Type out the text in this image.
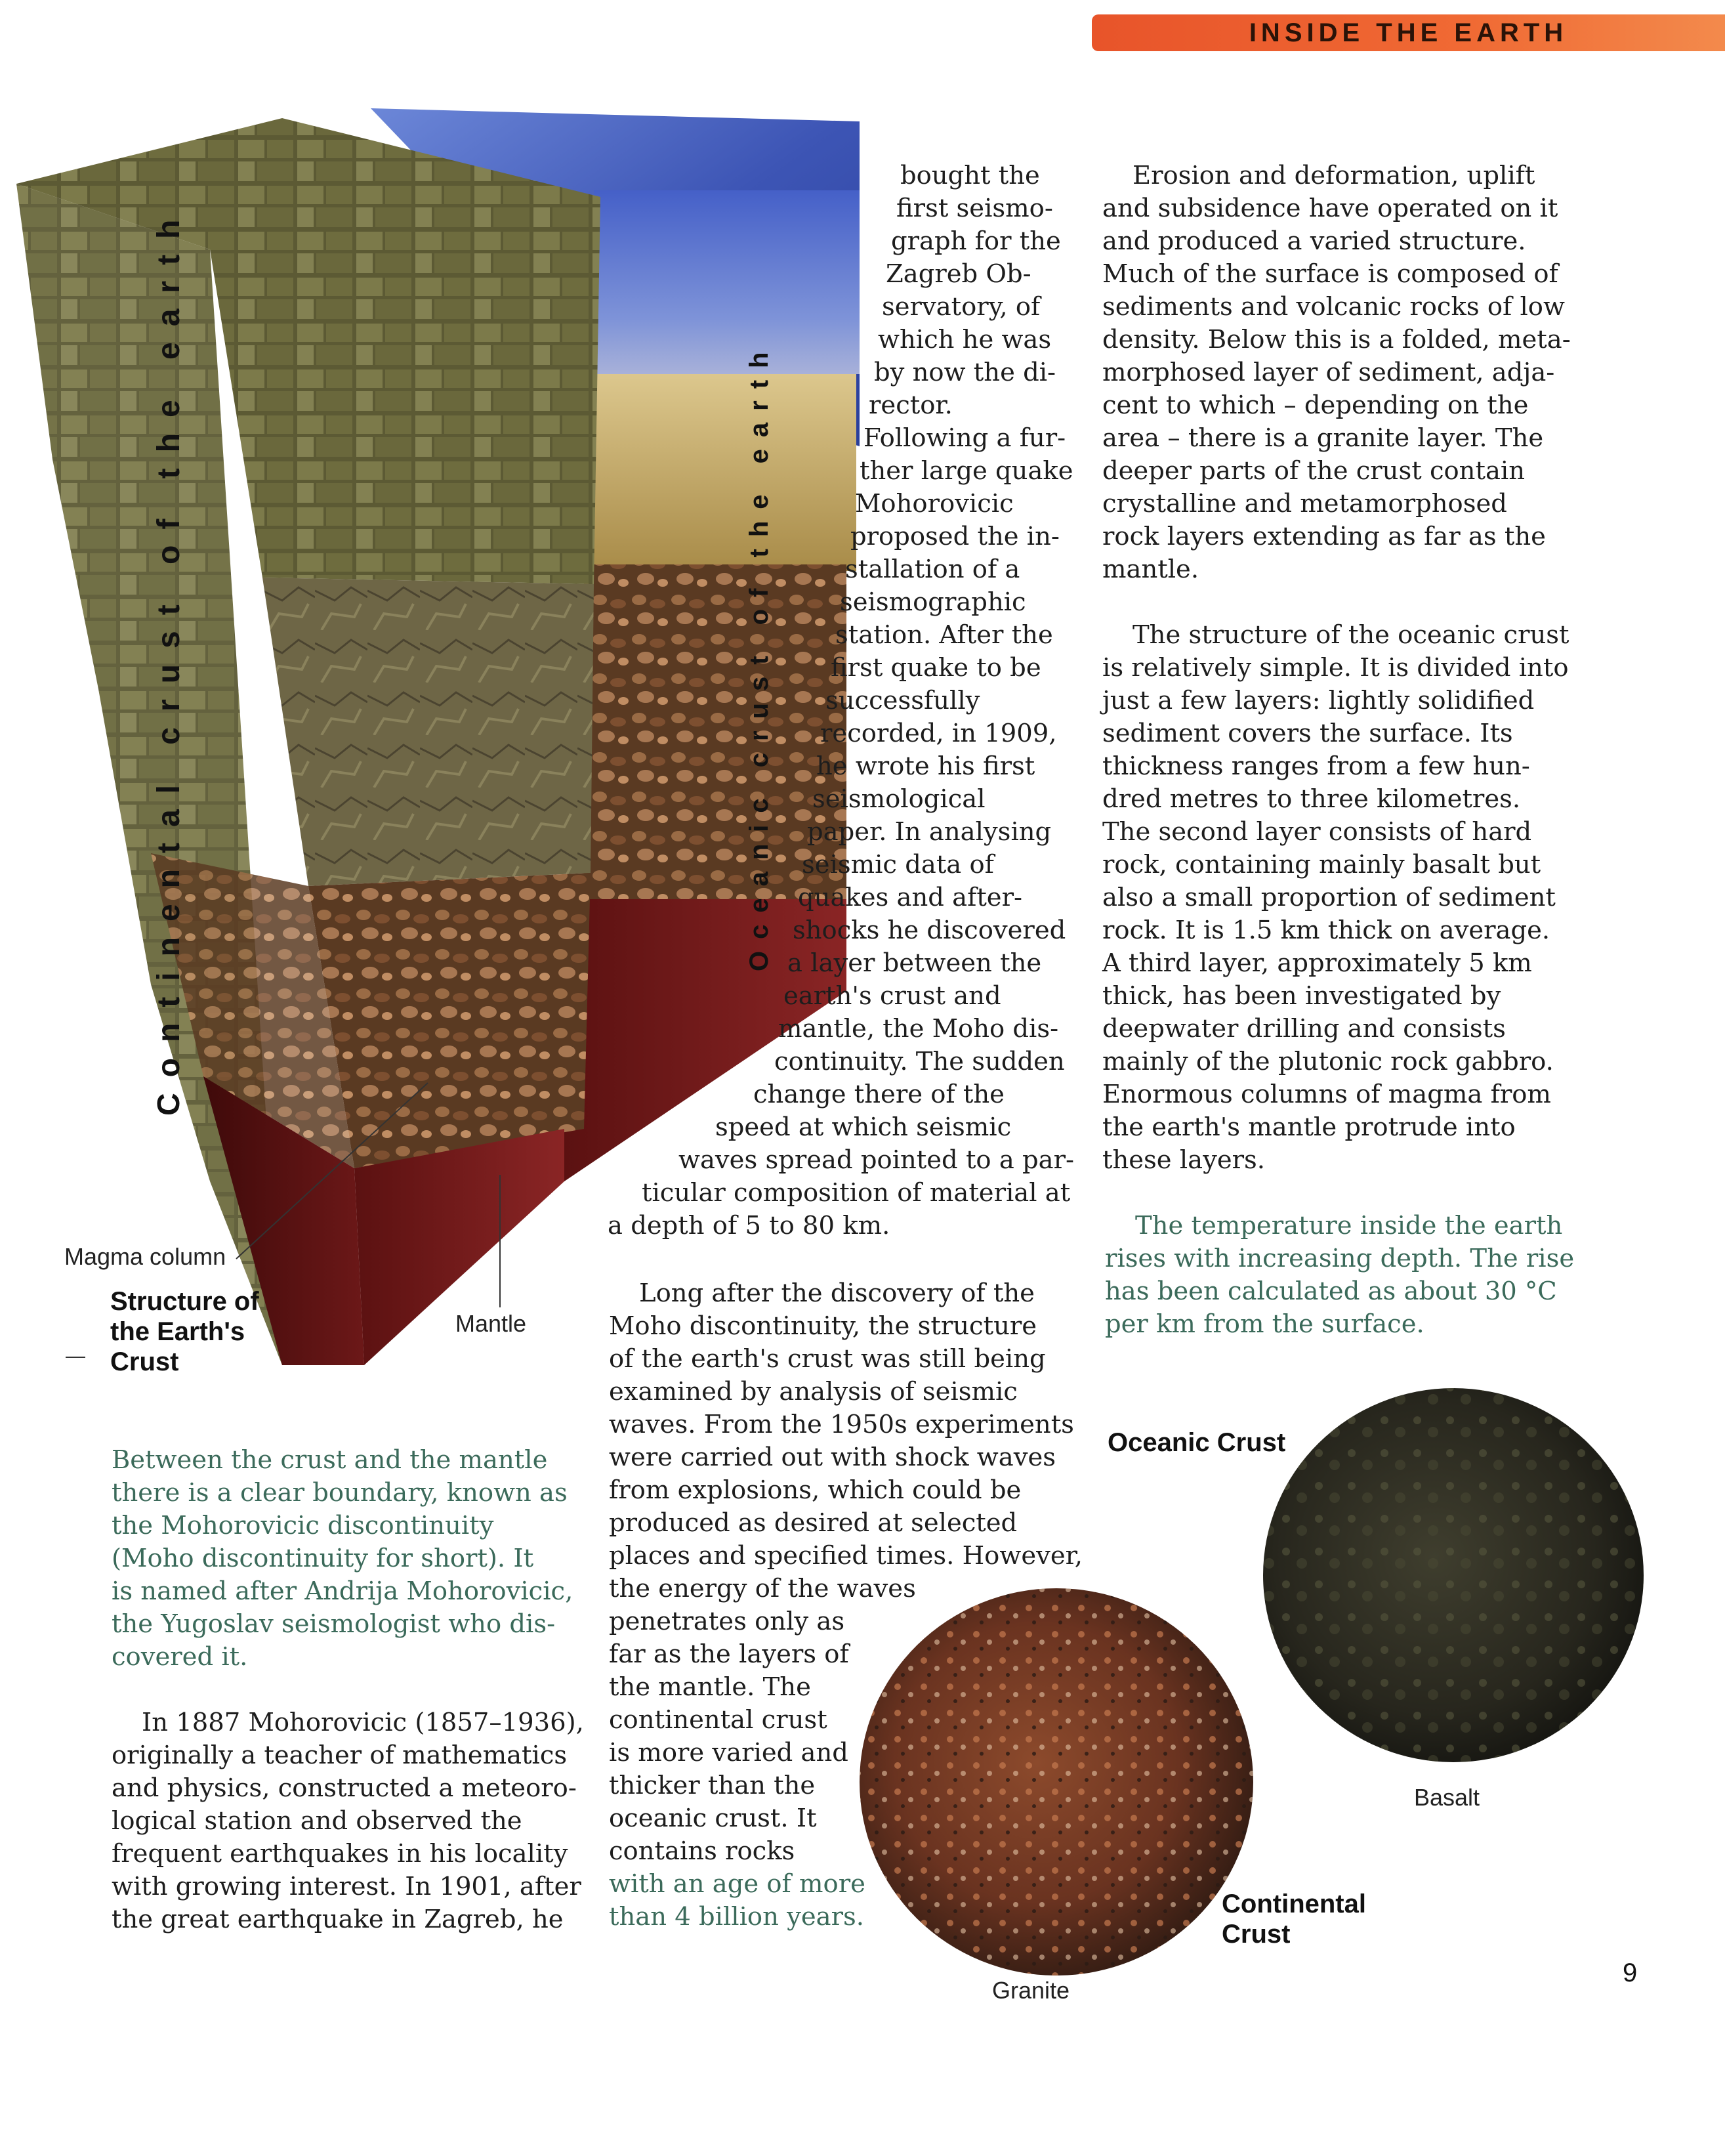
INSIDE THE EARTH
Continental crust of the earth	Oceanic crust of the earth
Magma column
Mantle
Structure of
the Earth's
Crust
Between the crust and the mantle
there is a clear boundary, known as
the Mohorovicic discontinuity
(Moho discontinuity for short). It
is named after Andrija Mohorovicic,
the Yugoslav seismologist who dis-
covered it.
In 1887 Mohorovicic (1857–1936),
originally a teacher of mathematics
and physics, constructed a meteoro-
logical station and observed the
frequent earthquakes in his locality
with growing interest. In 1901, after
the great earthquake in Zagreb, he
bought the
first seismo-
graph for the
Zagreb Ob-
servatory, of
which he was
by now the di-
rector.
Following a fur-
ther large quake
Mohorovicic
proposed the in-
stallation of a
seismographic
station. After the
first quake to be
successfully
recorded, in 1909,
he wrote his first
seismological
paper. In analysing
seismic data of
quakes and after-
shocks he discovered
a layer between the
earth's crust and
mantle, the Moho dis-
continuity. The sudden
change there of the
speed at which seismic
waves spread pointed to a par-
ticular composition of material at
a depth of 5 to 80 km.
Long after the discovery of the
Moho discontinuity, the structure
of the earth's crust was still being
examined by analysis of seismic
waves. From the 1950s experiments
were carried out with shock waves
from explosions, which could be
produced as desired at selected
places and specified times. However,
the energy of the waves
penetrates only as
far as the layers of
the mantle. The
continental crust
is more varied and
thicker than the
oceanic crust. It
contains rocks
with an age of more
than 4 billion years.
Erosion and deformation, uplift
and subsidence have operated on it
and produced a varied structure.
Much of the surface is composed of
sediments and volcanic rocks of low
density. Below this is a folded, meta-
morphosed layer of sediment, adja-
cent to which – depending on the
area – there is a granite layer. The
deeper parts of the crust contain
crystalline and metamorphosed
rock layers extending as far as the
mantle.
The structure of the oceanic crust
is relatively simple. It is divided into
just a few layers: lightly solidified
sediment covers the surface. Its
thickness ranges from a few hun-
dred metres to three kilometres.
The second layer consists of hard
rock, containing mainly basalt but
also a small proportion of sediment
rock. It is 1.5 km thick on average.
A third layer, approximately 5 km
thick, has been investigated by
deepwater drilling and consists
mainly of the plutonic rock gabbro.
Enormous columns of magma from
the earth's mantle protrude into
these layers.
The temperature inside the earth
rises with increasing depth. The rise
has been calculated as about 30 °C
per km from the surface.
Oceanic Crust
Basalt
Continental
Crust
Granite
9
